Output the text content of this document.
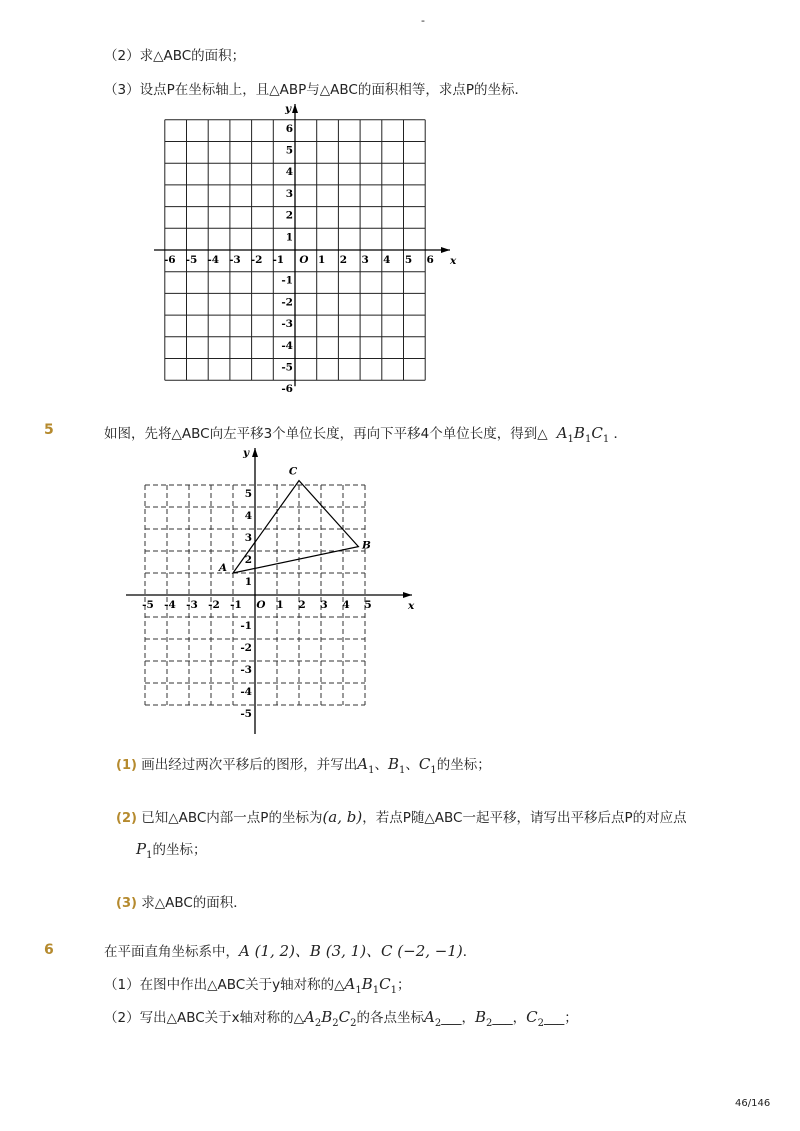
-
（2）求△ABC的面积；
（3）设点P在坐标轴上，且△ABP与△ABC的面积相等，求点P的坐标．
-6 -5 -4 -3 -2 -1 O 1 2 3 4 5 6
6
5
4
3
2
1
-1
-2
-3
-4
-5
-6
x
y
5	如图，先将△ABC向左平移3个单位长度，再向下平移4个单位长度，得到△  $A_1B_1C_1$ ．
A
B
C
-5 -4 -3 -2 -1 O 1 2 3 4 5
5
4
3
2
1
-1
-2
-3
-4
-5
x
y
(1) 画出经过两次平移后的图形，并写出$A_1$、$B_1$、$C_1$的坐标；
(2) 已知△ABC内部一点P的坐标为(a, b)，若点P随△ABC一起平移，请写出平移后点P的对应点
$P_1$的坐标；
(3) 求△ABC的面积．
6	在平面直角坐标系中，A (1, 2)、B (3, 1)、C (−2, −1)．
（1）在图中作出△ABC关于y轴对称的$\triangle A_1B_1C_1$；
（2）写出△ABC关于x轴对称的$\triangle A_2B_2C_2$的各点坐标$A_2\_\_\_$，$B_2\_\_\_$，$C_2\_\_\_$；
46/146
